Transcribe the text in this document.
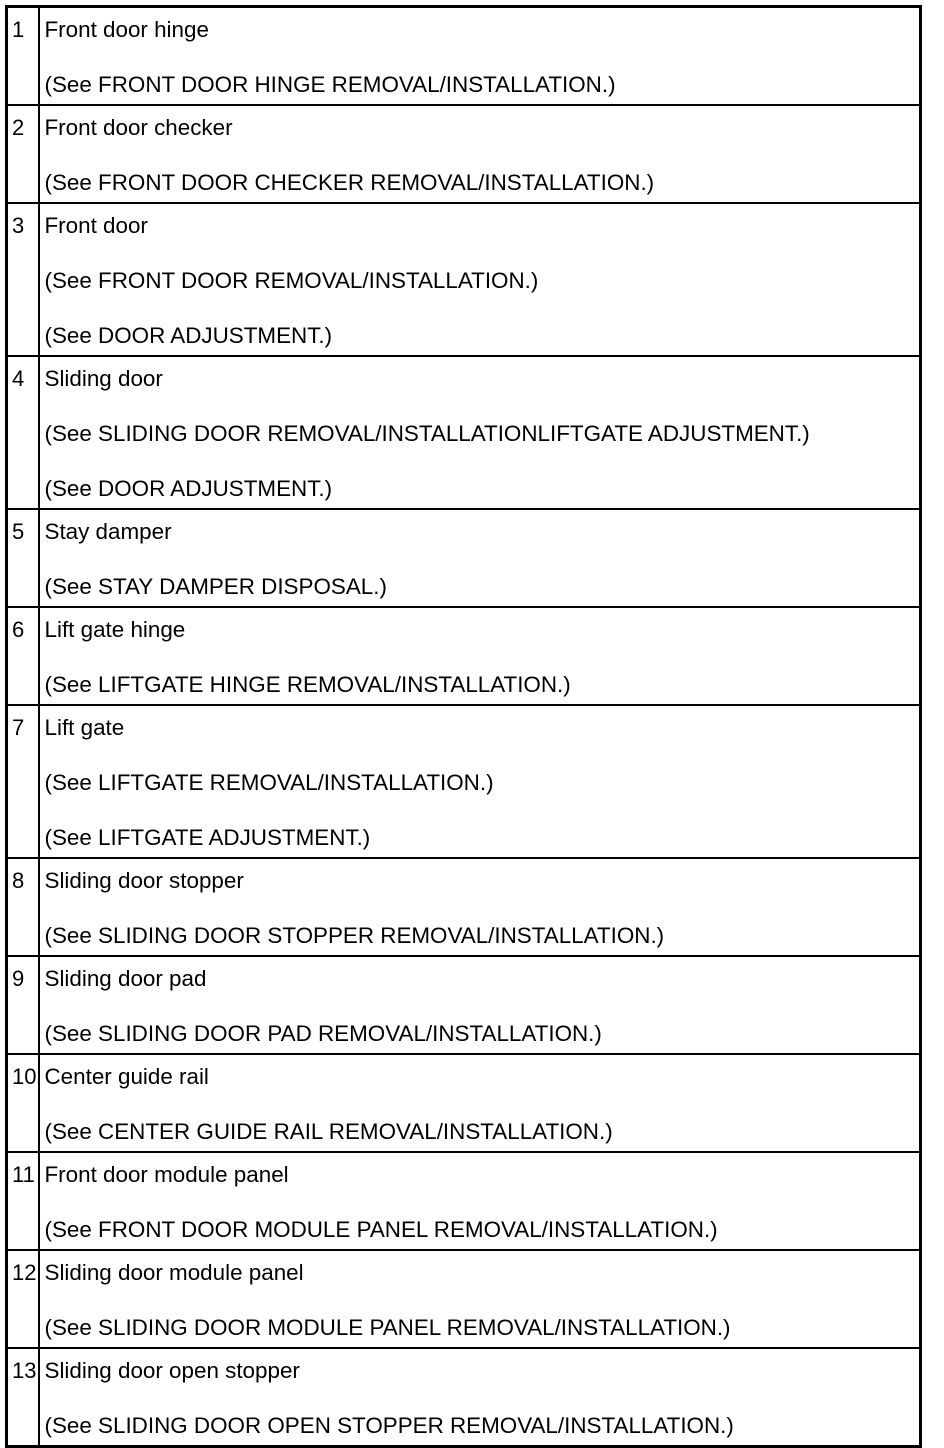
1	Front door hinge
(See FRONT DOOR HINGE REMOVAL/INSTALLATION.)

2	Front door checker
(See FRONT DOOR CHECKER REMOVAL/INSTALLATION.)

3	Front door
(See FRONT DOOR REMOVAL/INSTALLATION.)
(See DOOR ADJUSTMENT.)

4	Sliding door
(See SLIDING DOOR REMOVAL/INSTALLATIONLIFTGATE ADJUSTMENT.)
(See DOOR ADJUSTMENT.)

5	Stay damper
(See STAY DAMPER DISPOSAL.)

6	Lift gate hinge
(See LIFTGATE HINGE REMOVAL/INSTALLATION.)

7	Lift gate
(See LIFTGATE REMOVAL/INSTALLATION.)
(See LIFTGATE ADJUSTMENT.)

8	Sliding door stopper
(See SLIDING DOOR STOPPER REMOVAL/INSTALLATION.)

9	Sliding door pad
(See SLIDING DOOR PAD REMOVAL/INSTALLATION.)

10	Center guide rail
(See CENTER GUIDE RAIL REMOVAL/INSTALLATION.)

11	Front door module panel
(See FRONT DOOR MODULE PANEL REMOVAL/INSTALLATION.)

12	Sliding door module panel
(See SLIDING DOOR MODULE PANEL REMOVAL/INSTALLATION.)

13	Sliding door open stopper
(See SLIDING DOOR OPEN STOPPER REMOVAL/INSTALLATION.)
